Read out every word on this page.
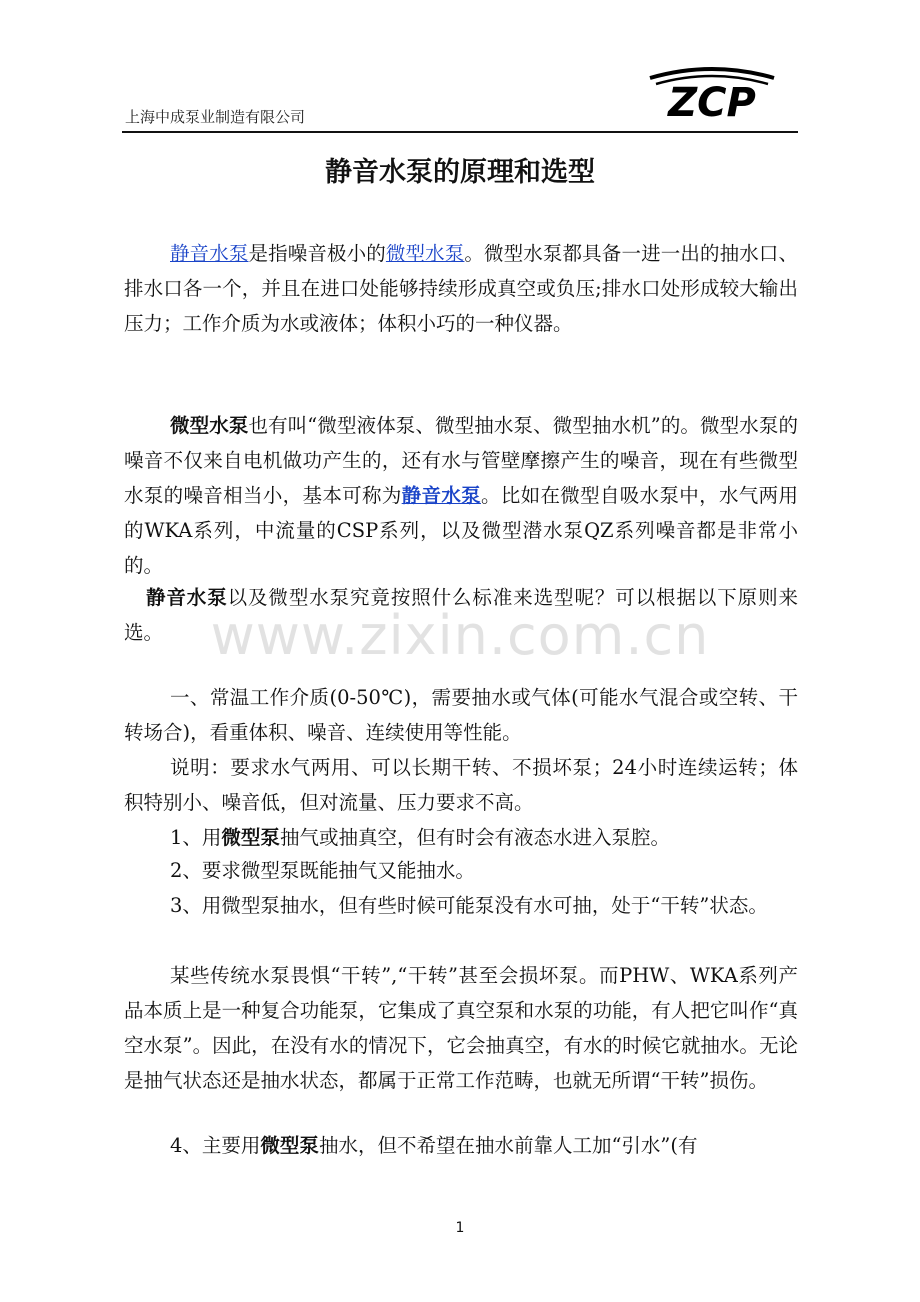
上海中成泵业制造有限公司	ZCP
静音水泵的原理和选型
静音水泵是指噪音极小的微型水泵。微型水泵都具备一进一出的抽水口、排水口各一个，并且在进口处能够持续形成真空或负压;排水口处形成较大输出压力；工作介质为水或液体；体积小巧的一种仪器。
微型水泵也有叫“微型液体泵、微型抽水泵、微型抽水机”的。微型水泵的噪音不仅来自电机做功产生的，还有水与管壁摩擦产生的噪音，现在有些微型水泵的噪音相当小，基本可称为静音水泵。比如在微型自吸水泵中，水气两用的WKA系列，中流量的CSP系列，以及微型潜水泵QZ系列噪音都是非常小的。
静音水泵以及微型水泵究竟按照什么标准来选型呢？可以根据以下原则来选。
一、常温工作介质(0-50℃)，需要抽水或气体(可能水气混合或空转、干转场合)，看重体积、噪音、连续使用等性能。
说明：要求水气两用、可以长期干转、不损坏泵；24小时连续运转；体积特别小、噪音低，但对流量、压力要求不高。
1、用微型泵抽气或抽真空，但有时会有液态水进入泵腔。
2、要求微型泵既能抽气又能抽水。
3、用微型泵抽水，但有些时候可能泵没有水可抽，处于“干转”状态。
某些传统水泵畏惧“干转”,“干转”甚至会损坏泵。而PHW、WKA系列产品本质上是一种复合功能泵，它集成了真空泵和水泵的功能，有人把它叫作“真空水泵”。因此，在没有水的情况下，它会抽真空，有水的时候它就抽水。无论是抽气状态还是抽水状态，都属于正常工作范畴，也就无所谓“干转”损伤。
4、主要用微型泵抽水，但不希望在抽水前靠人工加“引水”(有
www.zixin.com.cn
1
